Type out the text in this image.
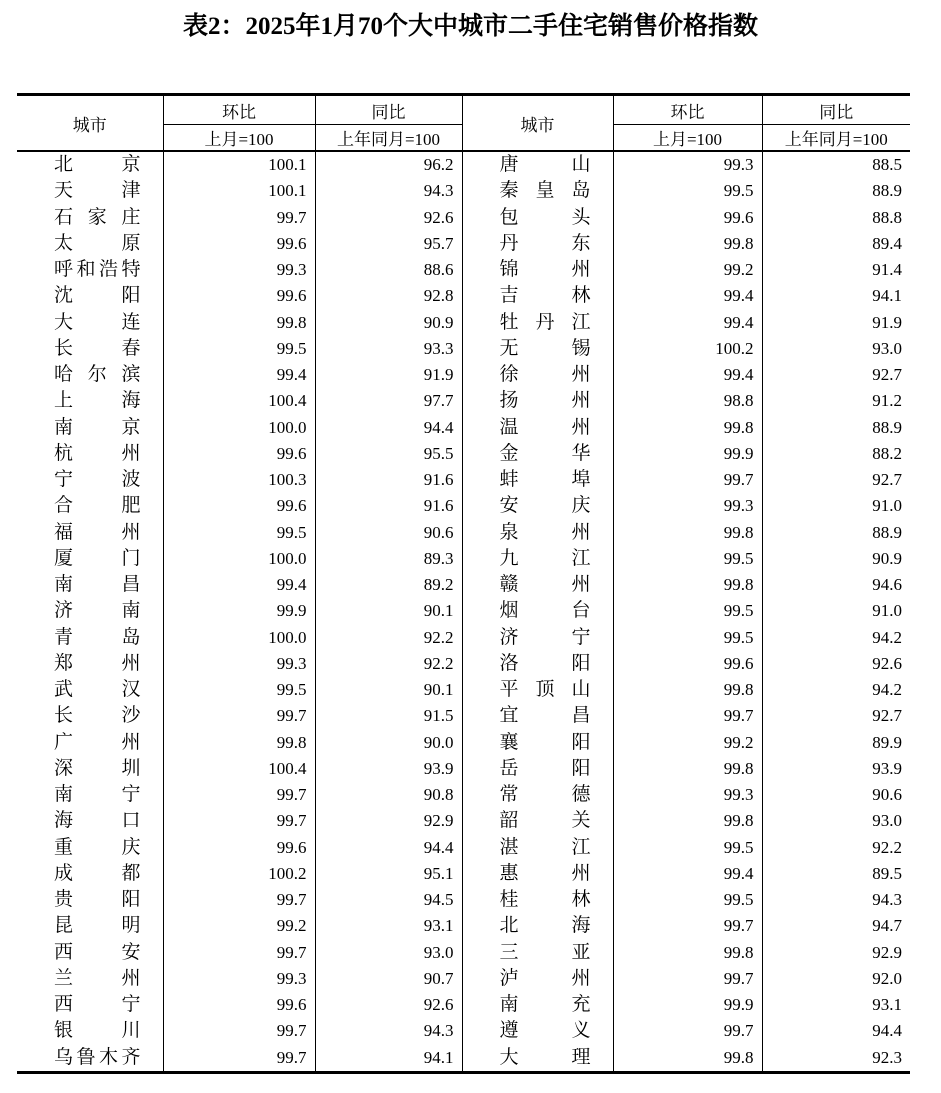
表2：2025年1月70个大中城市二手住宅销售价格指数
城市	环比	同比	城市	环比	同比
	上月=100	上年同月=100		上月=100	上年同月=100
北京	100.1	96.2	唐山	99.3	88.5
天津	100.1	94.3	秦皇岛	99.5	88.9
石家庄	99.7	92.6	包头	99.6	88.8
太原	99.6	95.7	丹东	99.8	89.4
呼和浩特	99.3	88.6	锦州	99.2	91.4
沈阳	99.6	92.8	吉林	99.4	94.1
大连	99.8	90.9	牡丹江	99.4	91.9
长春	99.5	93.3	无锡	100.2	93.0
哈尔滨	99.4	91.9	徐州	99.4	92.7
上海	100.4	97.7	扬州	98.8	91.2
南京	100.0	94.4	温州	99.8	88.9
杭州	99.6	95.5	金华	99.9	88.2
宁波	100.3	91.6	蚌埠	99.7	92.7
合肥	99.6	91.6	安庆	99.3	91.0
福州	99.5	90.6	泉州	99.8	88.9
厦门	100.0	89.3	九江	99.5	90.9
南昌	99.4	89.2	赣州	99.8	94.6
济南	99.9	90.1	烟台	99.5	91.0
青岛	100.0	92.2	济宁	99.5	94.2
郑州	99.3	92.2	洛阳	99.6	92.6
武汉	99.5	90.1	平顶山	99.8	94.2
长沙	99.7	91.5	宜昌	99.7	92.7
广州	99.8	90.0	襄阳	99.2	89.9
深圳	100.4	93.9	岳阳	99.8	93.9
南宁	99.7	90.8	常德	99.3	90.6
海口	99.7	92.9	韶关	99.8	93.0
重庆	99.6	94.4	湛江	99.5	92.2
成都	100.2	95.1	惠州	99.4	89.5
贵阳	99.7	94.5	桂林	99.5	94.3
昆明	99.2	93.1	北海	99.7	94.7
西安	99.7	93.0	三亚	99.8	92.9
兰州	99.3	90.7	泸州	99.7	92.0
西宁	99.6	92.6	南充	99.9	93.1
银川	99.7	94.3	遵义	99.7	94.4
乌鲁木齐	99.7	94.1	大理	99.8	92.3
